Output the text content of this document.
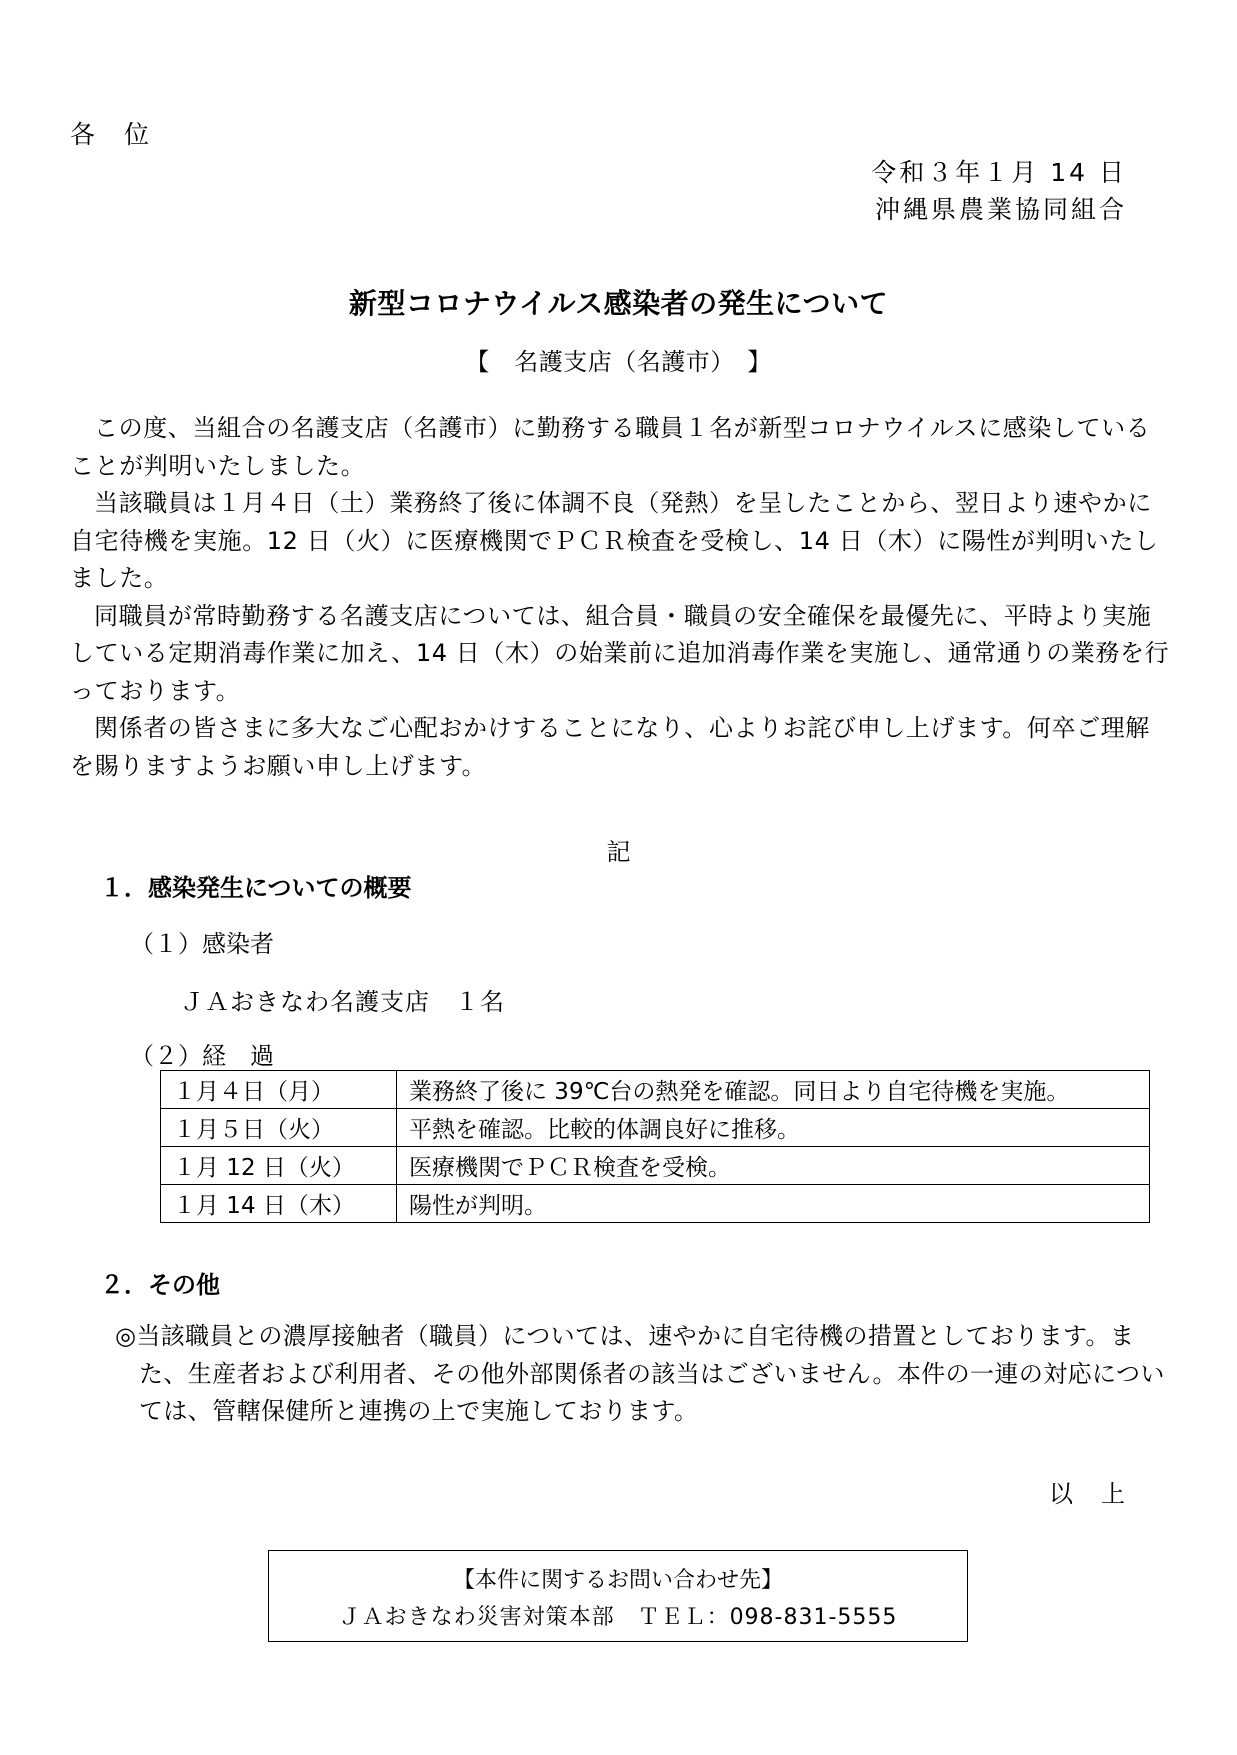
各　位
令和３年１月 14 日
沖縄県農業協同組合
新型コロナウイルス感染者の発生について
【　名護支店（名護市）　】

この度、当組合の名護支店（名護市）に勤務する職員１名が新型コロナウイルスに感染していることが判明いたしました。

当該職員は１月４日（土）業務終了後に体調不良（発熱）を呈したことから、翌日より速やかに自宅待機を実施。12 日（火）に医療機関でＰＣＲ検査を受検し、14 日（木）に陽性が判明いたしました。

同職員が常時勤務する名護支店については、組合員・職員の安全確保を最優先に、平時より実施している定期消毒作業に加え、14 日（木）の始業前に追加消毒作業を実施し、通常通りの業務を行っております。

関係者の皆さまに多大なご心配おかけすることになり、心よりお詫び申し上げます。何卒ご理解を賜りますようお願い申し上げます。

記
１．感染発生についての概要
（１）感染者
ＪＡおきなわ名護支店　１名
（２）経　過
１月４日（月）	業務終了後に 39℃台の熱発を確認。同日より自宅待機を実施。
１月５日（火）	平熱を確認。比較的体調良好に推移。
１月 12 日（火）	医療機関でＰＣＲ検査を受検。
１月 14 日（木）	陽性が判明。
２．その他

◎当該職員との濃厚接触者（職員）については、速やかに自宅待機の措置としております。また、生産者および利用者、その他外部関係者の該当はございません。本件の一連の対応については、管轄保健所と連携の上で実施しております。

以　上
【本件に関するお問い合わせ先】
ＪＡおきなわ災害対策本部　ＴＥＬ：098-831-5555
